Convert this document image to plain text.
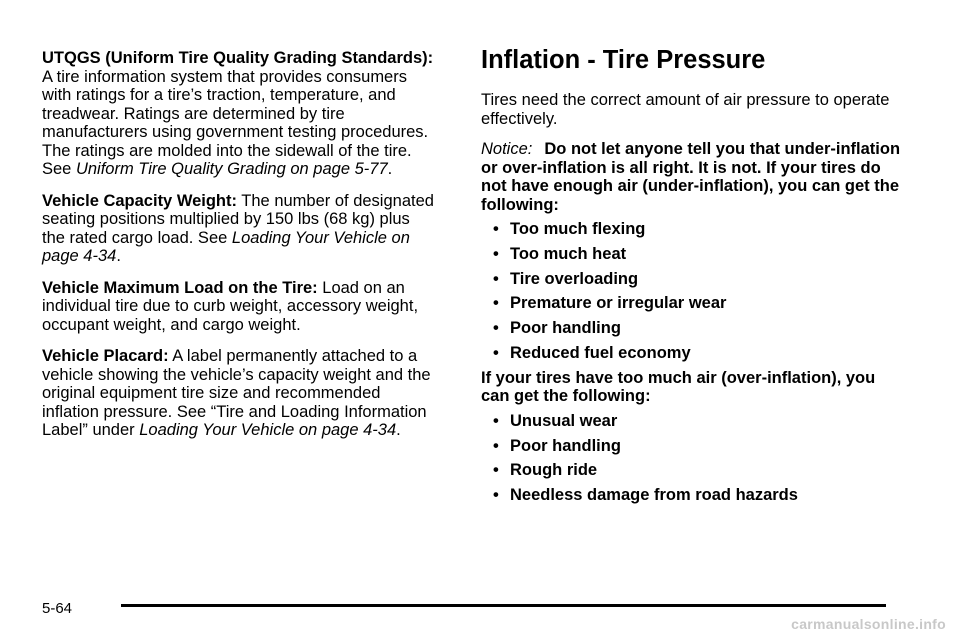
UTQGS (Uniform Tire Quality Grading Standards): A tire information system that provides consumers with ratings for a tire’s traction, temperature, and treadwear. Ratings are determined by tire manufacturers using government testing procedures. The ratings are molded into the sidewall of the tire. See Uniform Tire Quality Grading on page 5-77.

Vehicle Capacity Weight: The number of designated seating positions multiplied by 150 lbs (68 kg) plus the rated cargo load. See Loading Your Vehicle on page 4-34.

Vehicle Maximum Load on the Tire: Load on an individual tire due to curb weight, accessory weight, occupant weight, and cargo weight.

Vehicle Placard: A label permanently attached to a vehicle showing the vehicle’s capacity weight and the original equipment tire size and recommended inflation pressure. See “Tire and Loading Information Label” under Loading Your Vehicle on page 4-34.

Inflation - Tire Pressure

Tires need the correct amount of air pressure to operate effectively.

Notice: Do not let anyone tell you that under-inflation or over-inflation is all right. It is not. If your tires do not have enough air (under-inflation), you can get the following:

• Too much flexing
• Too much heat
• Tire overloading
• Premature or irregular wear
• Poor handling
• Reduced fuel economy

If your tires have too much air (over-inflation), you can get the following:

• Unusual wear
• Poor handling
• Rough ride
• Needless damage from road hazards
5-64
carmanualsonline.info
